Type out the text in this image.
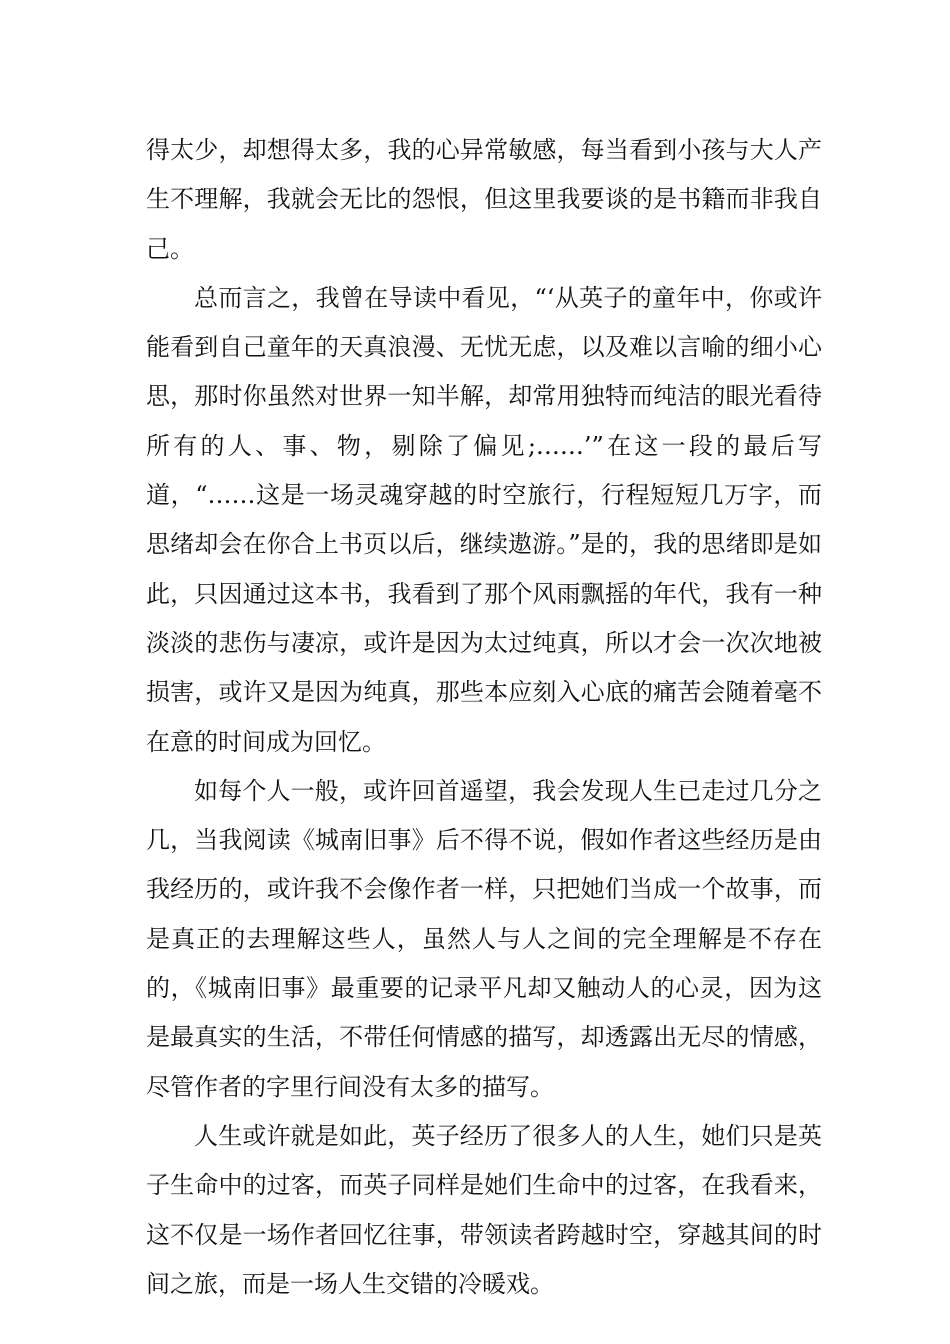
得太少，却想得太多，我的心异常敏感，每当看到小孩与大人产生不理解，我就会无比的怨恨，但这里我要谈的是书籍而非我自己。

总而言之，我曾在导读中看见，“‘从英子的童年中，你或许能看到自己童年的天真浪漫、无忧无虑，以及难以言喻的细小心思，那时你虽然对世界一知半解，却常用独特而纯洁的眼光看待所有的人、事、物，剔除了偏见;……’”在这一段的最后写道，“……这是一场灵魂穿越的时空旅行，行程短短几万字，而思绪却会在你合上书页以后，继续遨游。”是的，我的思绪即是如此，只因通过这本书，我看到了那个风雨飘摇的年代，我有一种淡淡的悲伤与凄凉，或许是因为太过纯真，所以才会一次次地被损害，或许又是因为纯真，那些本应刻入心底的痛苦会随着毫不在意的时间成为回忆。

如每个人一般，或许回首遥望，我会发现人生已走过几分之几，当我阅读《城南旧事》后不得不说，假如作者这些经历是由我经历的，或许我不会像作者一样，只把她们当成一个故事，而是真正的去理解这些人，虽然人与人之间的完全理解是不存在的，《城南旧事》最重要的记录平凡却又触动人的心灵，因为这是最真实的生活，不带任何情感的描写，却透露出无尽的情感，尽管作者的字里行间没有太多的描写。

人生或许就是如此，英子经历了很多人的人生，她们只是英子生命中的过客，而英子同样是她们生命中的过客，在我看来，这不仅是一场作者回忆往事，带领读者跨越时空，穿越其间的时间之旅，而是一场人生交错的冷暖戏。
